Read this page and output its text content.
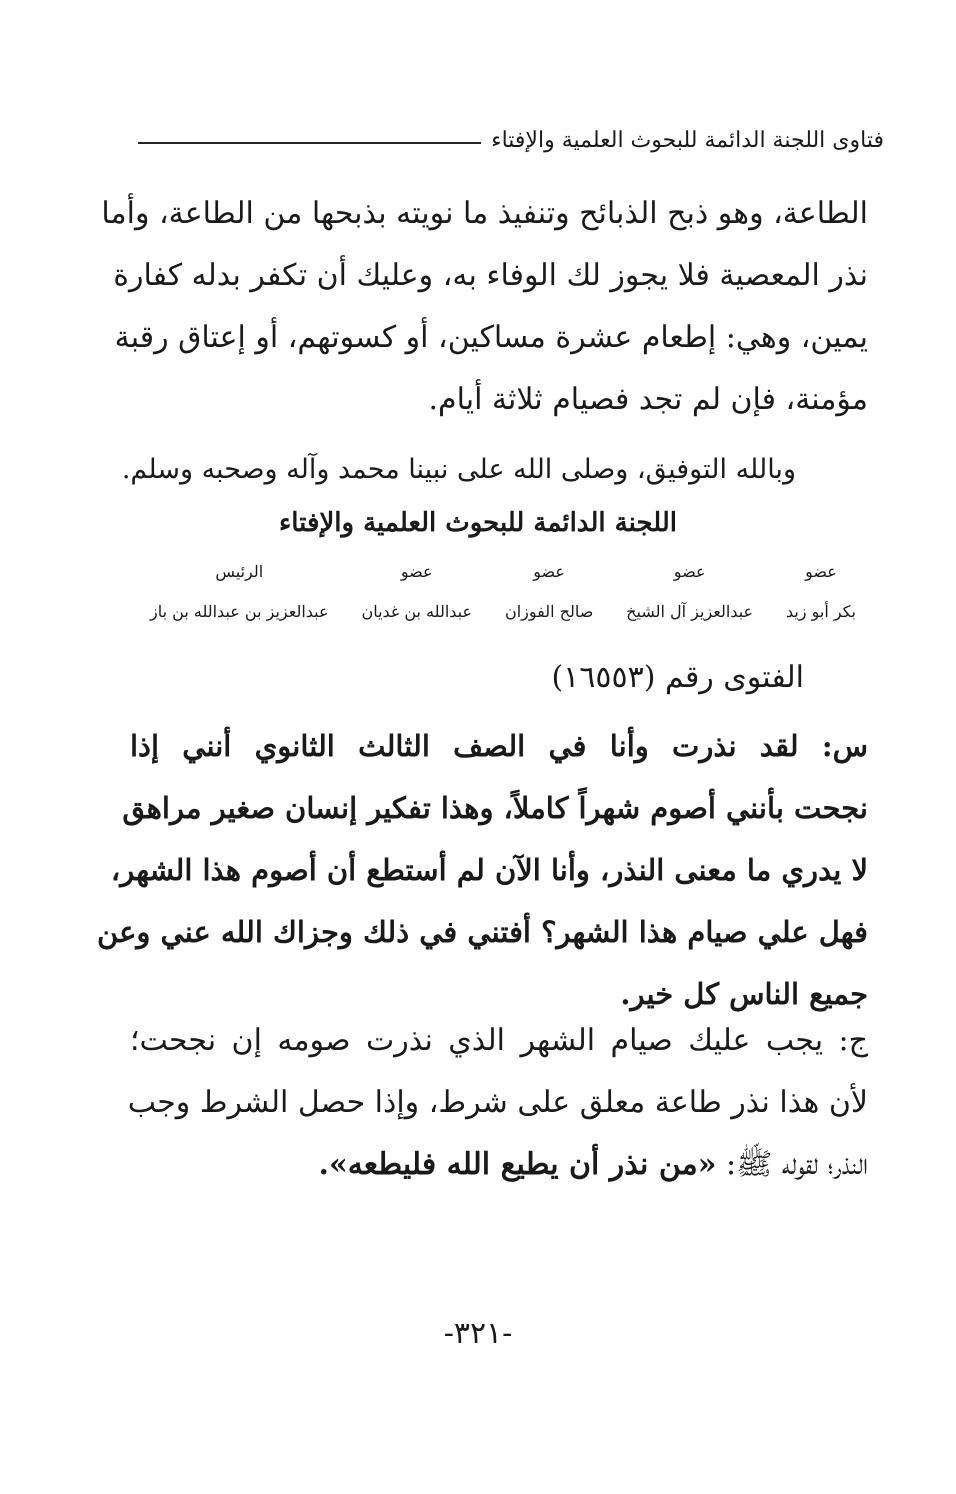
فتاوى اللجنة الدائمة للبحوث العلمية والإفتاء
الطاعة، وهو ذبح الذبائح وتنفيذ ما نويته بذبحها من الطاعة، وأما
نذر المعصية فلا يجوز لك الوفاء به، وعليك أن تكفر بدله كفارة
يمين، وهي: إطعام عشرة مساكين، أو كسوتهم، أو إعتاق رقبة
مؤمنة، فإن لم تجد فصيام ثلاثة أيام.
وبالله التوفيق، وصلى الله على نبينا محمد وآله وصحبه وسلم.
اللجنة الدائمة للبحوث العلمية والإفتاء
عضو
بكر أبو زيد
عضو
عبدالعزيز آل الشيخ
عضو
صالح الفوزان
عضو
عبدالله بن غديان
الرئيس
عبدالعزيز بن عبدالله بن باز
الفتوى رقم (١٦٥٥٣)
س: لقد نذرت وأنا في الصف الثالث الثانوي أنني إذا
نجحت بأنني أصوم شهراً كاملاً، وهذا تفكير إنسان صغير مراهق
لا يدري ما معنى النذر، وأنا الآن لم أستطع أن أصوم هذا الشهر،
فهل علي صيام هذا الشهر؟ أفتني في ذلك وجزاك الله عني وعن
جميع الناس كل خير.
ج: يجب عليك صيام الشهر الذي نذرت صومه إن نجحت؛
لأن هذا نذر طاعة معلق على شرط، وإذا حصل الشرط وجب
النذر؛ لقوله ﷺ: «من نذر أن يطيع الله فليطعه».
-٣٢١-
